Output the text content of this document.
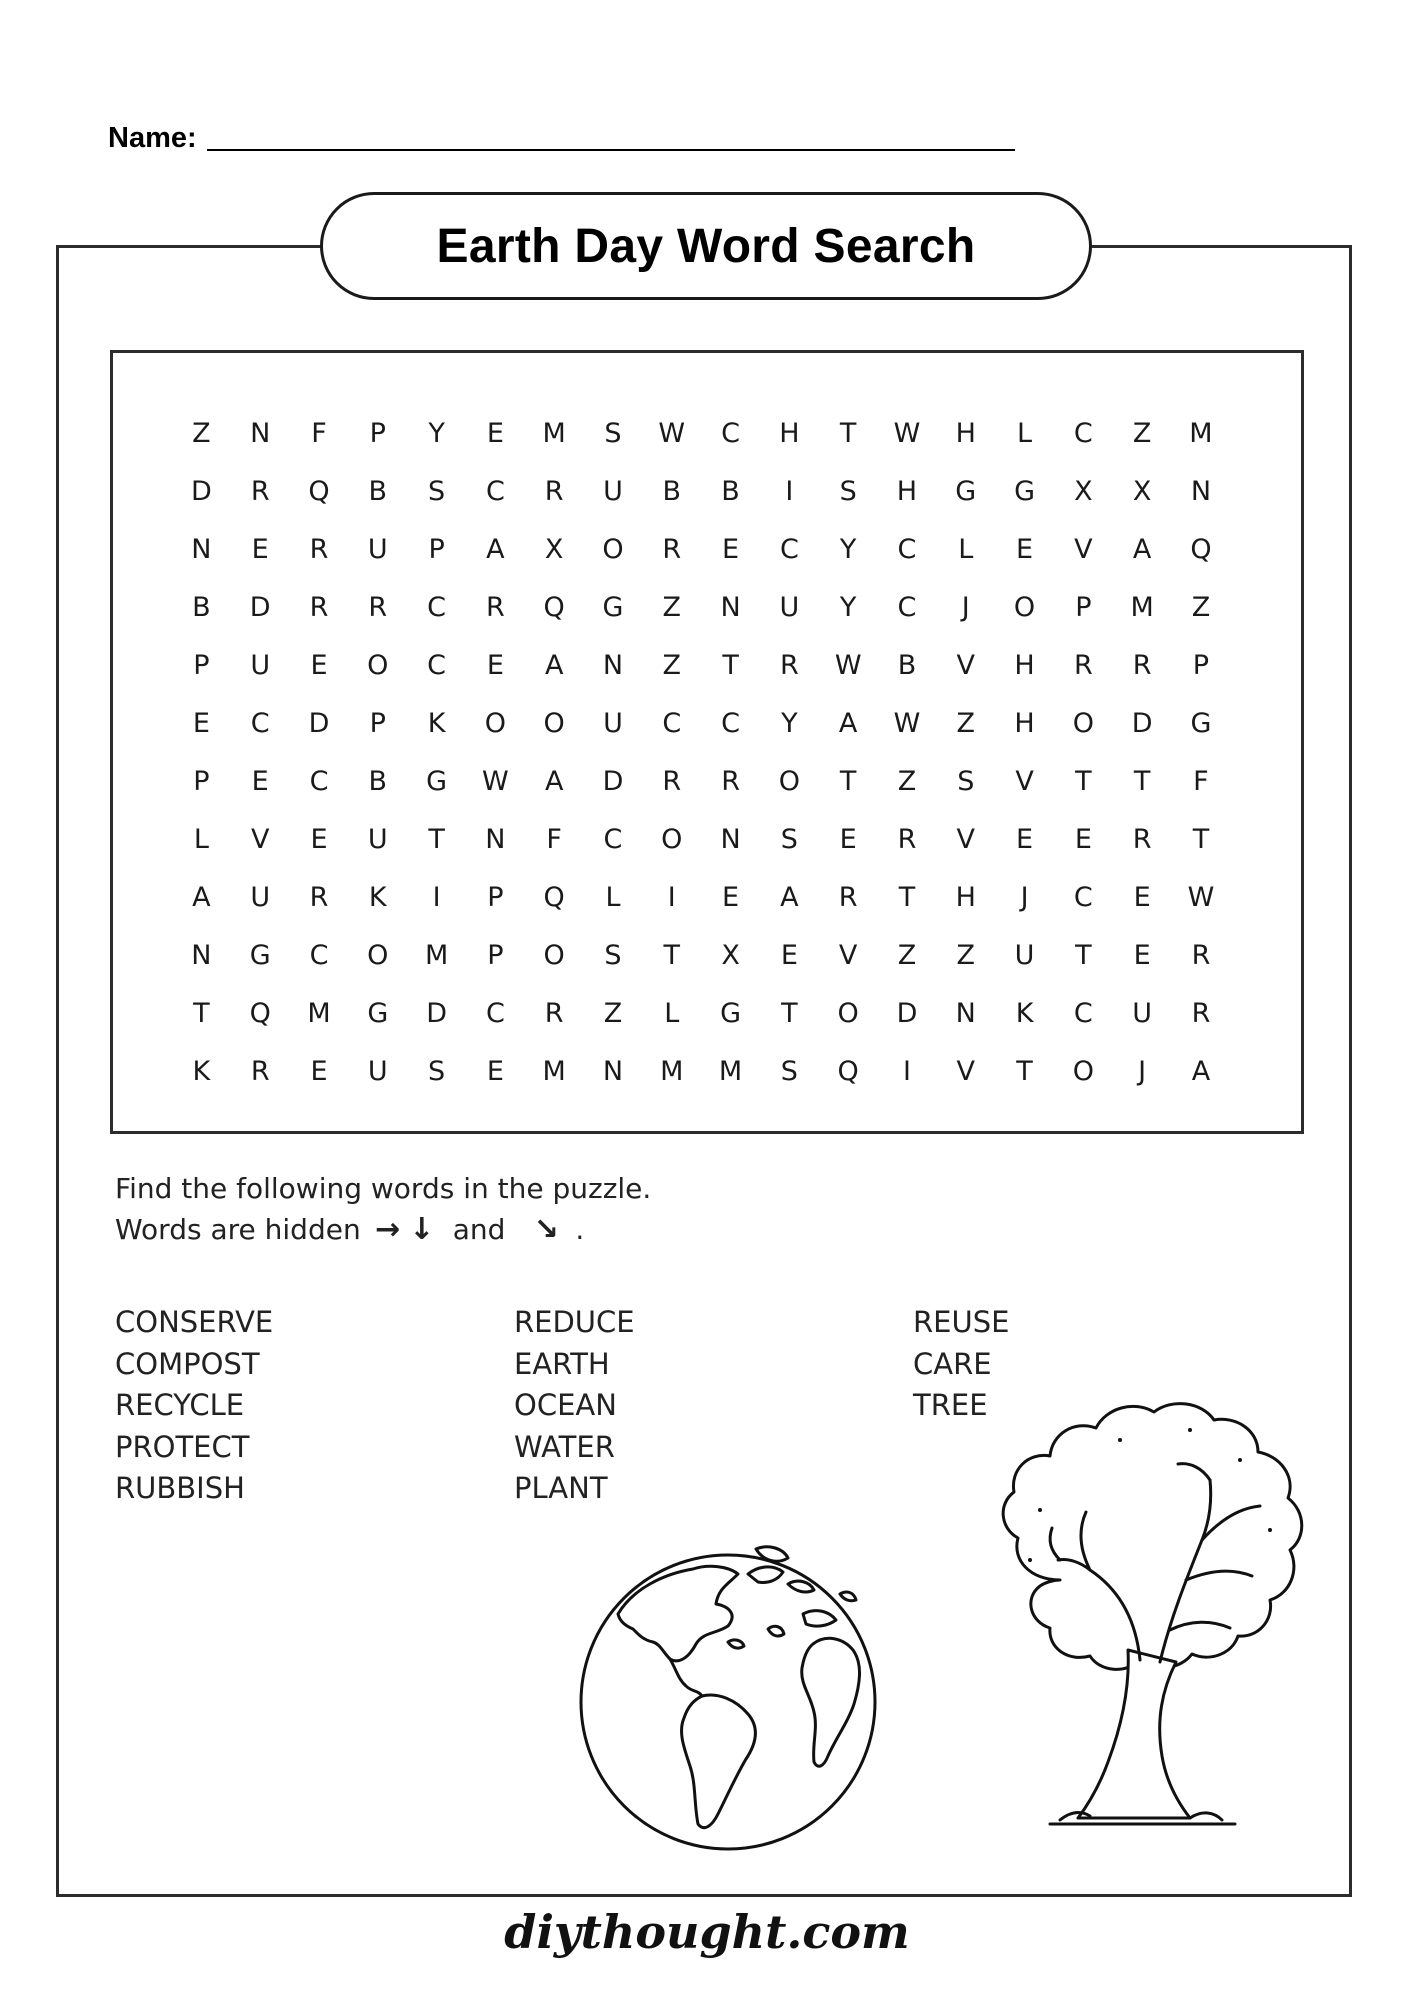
Name:
Earth Day Word Search
Z	N	F	P	Y	E	M	S	W	C	H	T	W	H	L	C	Z	M
D	R	Q	B	S	C	R	U	B	B	I	S	H	G	G	X	X	N
N	E	R	U	P	A	X	O	R	E	C	Y	C	L	E	V	A	Q
B	D	R	R	C	R	Q	G	Z	N	U	Y	C	J	O	P	M	Z
P	U	E	O	C	E	A	N	Z	T	R	W	B	V	H	R	R	P
E	C	D	P	K	O	O	U	C	C	Y	A	W	Z	H	O	D	G
P	E	C	B	G	W	A	D	R	R	O	T	Z	S	V	T	T	F
L	V	E	U	T	N	F	C	O	N	S	E	R	V	E	E	R	T
A	U	R	K	I	P	Q	L	I	E	A	R	T	H	J	C	E	W
N	G	C	O	M	P	O	S	T	X	E	V	Z	Z	U	T	E	R
T	Q	M	G	D	C	R	Z	L	G	T	O	D	N	K	C	U	R
K	R	E	U	S	E	M	N	M	M	S	Q	I	V	T	O	J	A
Find the following words in the puzzle.
Words are hidden → ↓ and ↘ .
CONSERVE
COMPOST
RECYCLE
PROTECT
RUBBISH
REDUCE
EARTH
OCEAN
WATER
PLANT
REUSE
CARE
TREE
diythought.com
